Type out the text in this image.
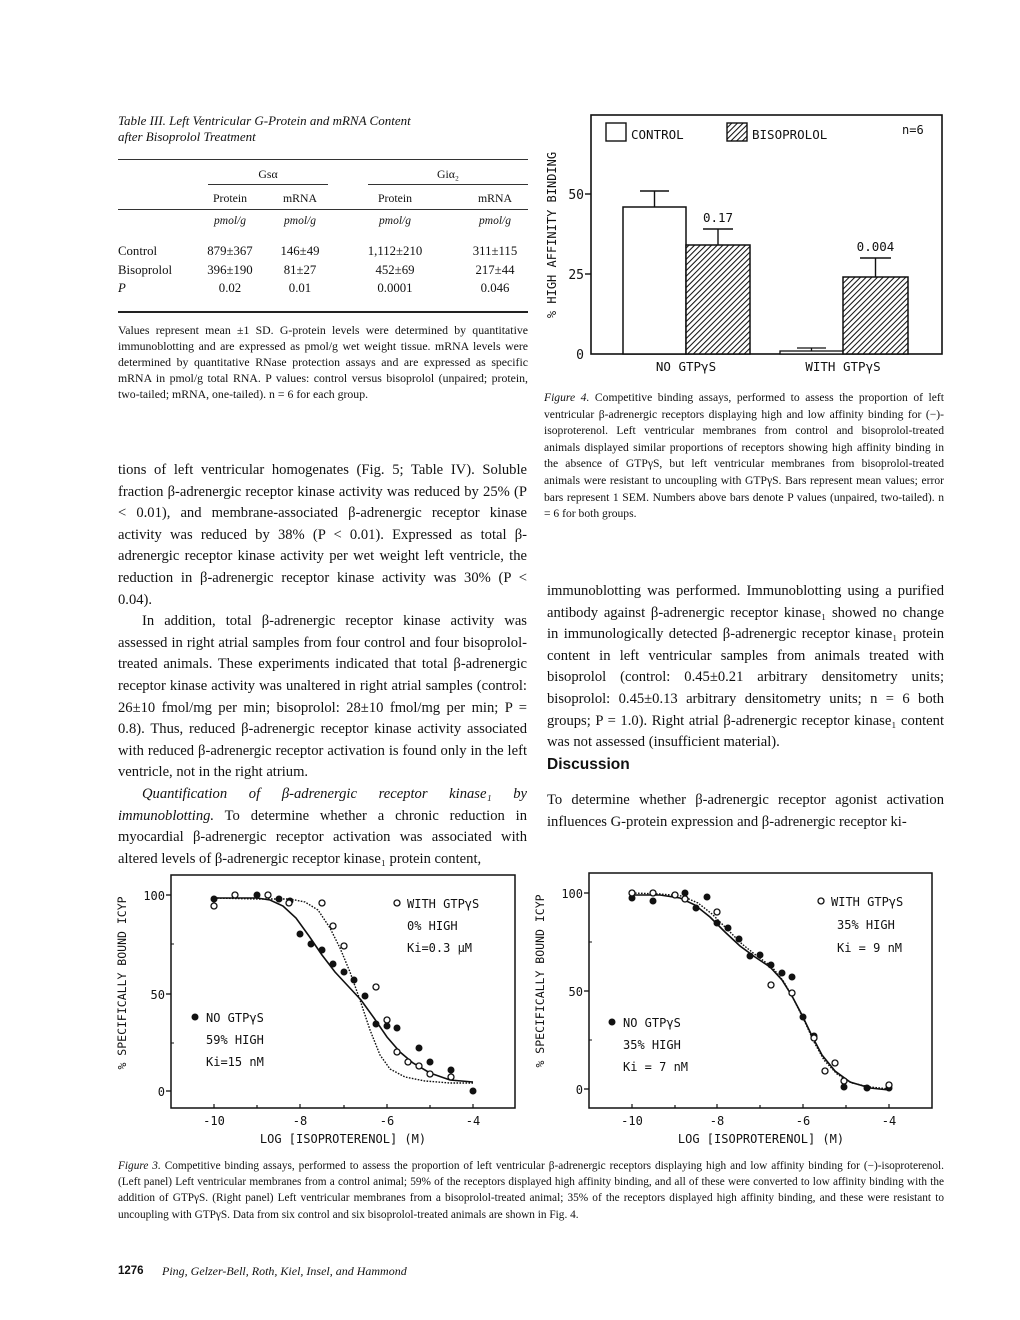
Table III. Left Ventricular G-Protein and mRNA Content
after Bisoprolol Treatment
Gsα	Giα₂
Protein	mRNA	Protein	mRNA
pmol/g	pmol/g	pmol/g	pmol/g
Control	879±367	146±49	1,112±210	311±115
Bisoprolol	396±190	81±27	452±69	217±44
P	0.02	0.01	0.0001	0.046
Values represent mean ±1 SD. G-protein levels were determined by quantitative immunoblotting and are expressed as pmol/g wet weight tissue. mRNA levels were determined by quantitative RNase protection assays and are expressed as specific mRNA in pmol/g total RNA. P values: control versus bisoprolol (unpaired; protein, two-tailed; mRNA, one-tailed). n = 6 for each group.

tions of left ventricular homogenates (Fig. 5; Table IV). Soluble fraction β-adrenergic receptor kinase activity was reduced by 25% (P < 0.01), and membrane-associated β-adrenergic receptor kinase activity was reduced by 38% (P < 0.01). Expressed as total β-adrenergic receptor kinase activity per wet weight left ventricle, the reduction in β-adrenergic receptor kinase activity was 30% (P < 0.04).

In addition, total β-adrenergic receptor kinase activity was assessed in right atrial samples from four control and four bisoprolol-treated animals. These experiments indicated that total β-adrenergic receptor kinase activity was unaltered in right atrial samples (control: 26±10 fmol/mg per min; bisoprolol: 28±10 fmol/mg per min; P = 0.8). Thus, reduced β-adrenergic receptor kinase activity associated with reduced β-adrenergic receptor activation is found only in the left ventricle, not in the right atrium.

Quantification of β-adrenergic receptor kinase₁ by immunoblotting. To determine whether a chronic reduction in myocardial β-adrenergic receptor activation was associated with altered levels of β-adrenergic receptor kinase₁ protein content,

50
25
0
% HIGH AFFINITY BINDING
CONTROL	BISOPROLOL	n=6
0.17
0.004
NO GTPγS	WITH GTPγS

Figure 4. Competitive binding assays, performed to assess the proportion of left ventricular β-adrenergic receptors displaying high and low affinity binding for (−)-isoproterenol. Left ventricular membranes from control and bisoprolol-treated animals displayed similar proportions of receptors showing high affinity binding in the absence of GTPγS, but left ventricular membranes from bisoprolol-treated animals were resistant to uncoupling with GTPγS. Bars represent mean values; error bars represent 1 SEM. Numbers above bars denote P values (unpaired, two-tailed). n = 6 for both groups.

immunoblotting was performed. Immunoblotting using a purified antibody against β-adrenergic receptor kinase₁ showed no change in immunologically detected β-adrenergic receptor kinase₁ protein content in left ventricular samples from animals treated with bisoprolol (control: 0.45±0.21 arbitrary densitometry units; bisoprolol: 0.45±0.13 arbitrary densitometry units; n = 6 both groups; P = 1.0). Right atrial β-adrenergic receptor kinase₁ content was not assessed (insufficient material).

Discussion

To determine whether β-adrenergic receptor agonist activation influences G-protein expression and β-adrenergic receptor ki-

100
50
0
% SPECIFICALLY BOUND ICYP
-10	-8	-6	-4
LOG [ISOPROTERENOL] (M)
WITH GTPγS
0% HIGH
Ki=0.3 µM
NO GTPγS
59% HIGH
Ki=15 nM
100
50
0
% SPECIFICALLY BOUND ICYP
-10	-8	-6	-4
LOG [ISOPROTERENOL] (M)
WITH GTPγS
35% HIGH
Ki = 9 nM
NO GTPγS
35% HIGH
Ki = 7 nM

Figure 3. Competitive binding assays, performed to assess the proportion of left ventricular β-adrenergic receptors displaying high and low affinity binding for (−)-isoproterenol. (Left panel) Left ventricular membranes from a control animal; 59% of the receptors displayed high affinity binding, and all of these were converted to low affinity binding with the addition of GTPγS. (Right panel) Left ventricular membranes from a bisoprolol-treated animal; 35% of the receptors displayed high affinity binding, and these were resistant to uncoupling with GTPγS. Data from six control and six bisoprolol-treated animals are shown in Fig. 4.

1276 Ping, Gelzer-Bell, Roth, Kiel, Insel, and Hammond
